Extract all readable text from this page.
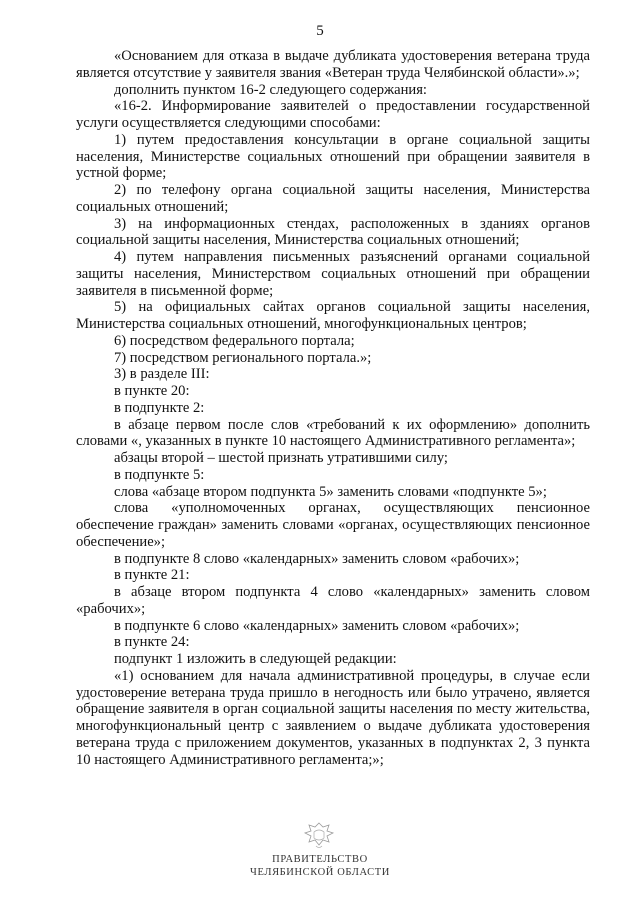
5

«Основанием для отказа в выдаче дубликата удостоверения ветерана труда является отсутствие у заявителя звания «Ветеран труда Челябинской области».»;

дополнить пунктом 16-2 следующего содержания:

«16-2. Информирование заявителей о предоставлении государственной услуги осуществляется следующими способами:

1) путем предоставления консультации в органе социальной защиты населения, Министерстве социальных отношений при обращении заявителя в устной форме;

2) по телефону органа социальной защиты населения, Министерства социальных отношений;

3) на информационных стендах, расположенных в зданиях органов социальной защиты населения, Министерства социальных отношений;

4) путем направления письменных разъяснений органами социальной защиты населения, Министерством социальных отношений при обращении заявителя в письменной форме;

5) на официальных сайтах органов социальной защиты населения, Министерства социальных отношений, многофункциональных центров;

6) посредством федерального портала;

7) посредством регионального портала.»;

3) в разделе III:

в пункте 20:

в подпункте 2:

в абзаце первом после слов «требований к их оформлению» дополнить словами «, указанных в пункте 10 настоящего Административного регламента»;

абзацы второй – шестой признать утратившими силу;

в подпункте 5:

слова «абзаце втором подпункта 5» заменить словами «подпункте 5»;

слова «уполномоченных органах, осуществляющих пенсионное обеспечение граждан» заменить словами «органах, осуществляющих пенсионное обеспечение»;

в подпункте 8 слово «календарных» заменить словом «рабочих»;

в пункте 21:

в абзаце втором подпункта 4 слово «календарных» заменить словом «рабочих»;

в подпункте 6 слово «календарных» заменить словом «рабочих»;

в пункте 24:

подпункт 1 изложить в следующей редакции:

«1) основанием для начала административной процедуры, в случае если удостоверение ветерана труда пришло в негодность или было утрачено, является обращение заявителя в орган социальной защиты населения по месту жительства, многофункциональный центр с заявлением о выдаче дубликата удостоверения ветерана труда с приложением документов, указанных в подпунктах 2, 3 пункта 10 настоящего Административного регламента;»;

ПРАВИТЕЛЬСТВО
ЧЕЛЯБИНСКОЙ ОБЛАСТИ
